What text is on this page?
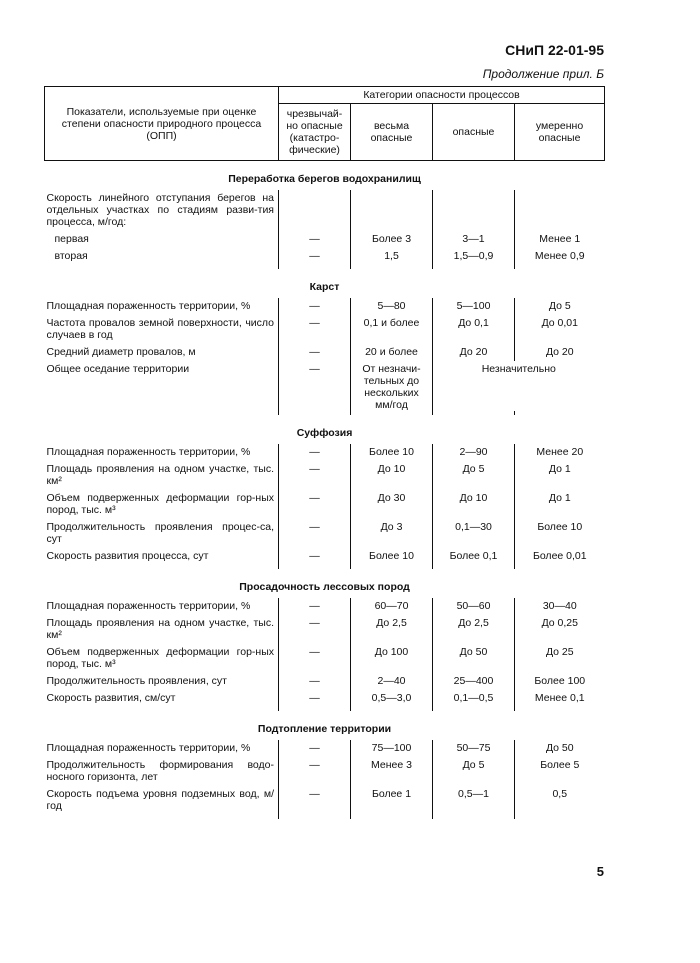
СНиП 22-01-95
Продолжение прил. Б
Показатели, используемые при оценке степени опасности природного процесса (ОПП)	Категории опасности процессов			
	чрезвычай-но опасные (катастро-фические)	весьма опасные	опасные	умеренно опасные
Переработка берегов водохранилищ				
Скорость линейного отступания берегов на отдельных участках по стадиям разви-тия процесса, м/год:				
первая	—	Более 3	3—1	Менее 1
вторая	—	1,5	1,5—0,9	Менее 0,9

Карст				
Площадная пораженность территории, %	—	5—80	5—100	До 5
Частота провалов земной поверхности, число случаев в год	—	0,1 и более	До 0,1	До 0,01
Средний диаметр провалов, м	—	20 и более	До 20	До 20
Общее оседание территории	—	От незначи-тельных до нескольких мм/год	Незначительно	

Суффозия				
Площадная пораженность территории, %	—	Более 10	2—90	Менее 20
Площадь проявления на одном участке, тыс. км²	—	До 10	До 5	До 1
Объем подверженных деформации гор-ных пород, тыс. м³	—	До 30	До 10	До 1
Продолжительность проявления процес-са, сут	—	До 3	0,1—30	Более 10
Скорость развития процесса, сут	—	Более 10	Более 0,1	Более 0,01

Просадочность лессовых пород				
Площадная пораженность территории, %	—	60—70	50—60	30—40
Площадь проявления на одном участке, тыс. км²	—	До 2,5	До 2,5	До 0,25
Объем подверженных деформации гор-ных пород, тыс. м³	—	До 100	До 50	До 25
Продолжительность проявления, сут	—	2—40	25—400	Более 100
Скорость развития, см/сут	—	0,5—3,0	0,1—0,5	Менее 0,1

Подтопление территории				
Площадная пораженность территории, %	—	75—100	50—75	До 50
Продолжительность формирования водо-носного горизонта, лет	—	Менее 3	До 5	Более 5
Скорость подъема уровня подземных вод, м/год	—	Более 1	0,5—1	0,5

5
